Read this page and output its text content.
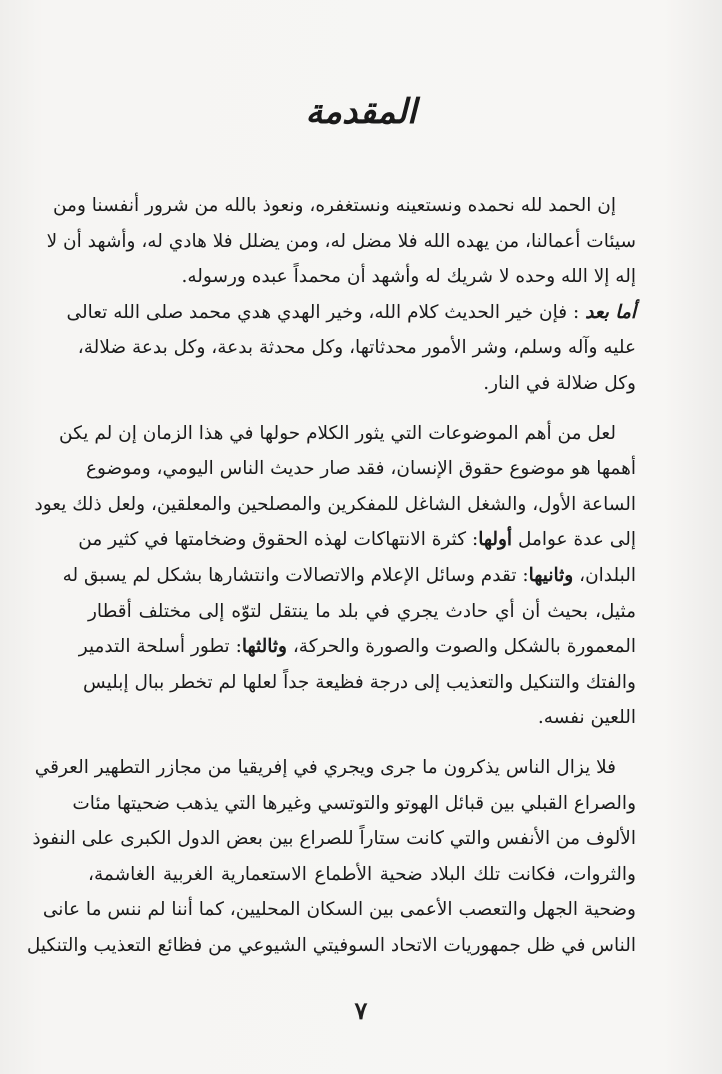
المقدمة
إن الحمد لله نحمده ونستعينه ونستغفره، ونعوذ بالله من شرور أنفسنا ومن
سيئات أعمالنا، من يهده الله فلا مضل له، ومن يضلل فلا هادي له، وأشهد أن لا
إله إلا الله وحده لا شريك له وأشهد أن محمداً عبده ورسوله.
أما بعد : فإن خير الحديث كلام الله، وخير الهدي هدي محمد صلى الله تعالى
عليه وآله وسلم، وشر الأمور محدثاتها، وكل محدثة بدعة، وكل بدعة ضلالة،
وكل ضلالة في النار.
لعل من أهم الموضوعات التي يثور الكلام حولها في هذا الزمان إن لم يكن
أهمها هو موضوع حقوق الإنسان، فقد صار حديث الناس اليومي، وموضوع
الساعة الأول، والشغل الشاغل للمفكرين والمصلحين والمعلقين، ولعل ذلك يعود
إلى عدة عوامل أولها: كثرة الانتهاكات لهذه الحقوق وضخامتها في كثير من
البلدان، وثانيها: تقدم وسائل الإعلام والاتصالات وانتشارها بشكل لم يسبق له
مثيل، بحيث أن أي حادث يجري في بلد ما ينتقل لتوّه إلى مختلف أقطار
المعمورة بالشكل والصوت والصورة والحركة، وثالثها: تطور أسلحة التدمير
والفتك والتنكيل والتعذيب إلى درجة فظيعة جداً لعلها لم تخطر ببال إبليس
اللعين نفسه.
فلا يزال الناس يذكرون ما جرى ويجري في إفريقيا من مجازر التطهير العرقي
والصراع القبلي بين قبائل الهوتو والتوتسي وغيرها التي يذهب ضحيتها مئات
الألوف من الأنفس والتي كانت ستاراً للصراع بين بعض الدول الكبرى على النفوذ
والثروات، فكانت تلك البلاد ضحية الأطماع الاستعمارية الغربية الغاشمة،
وضحية الجهل والتعصب الأعمى بين السكان المحليين، كما أننا لم ننس ما عانى
الناس في ظل جمهوريات الاتحاد السوفيتي الشيوعي من فظائع التعذيب والتنكيل
٧
